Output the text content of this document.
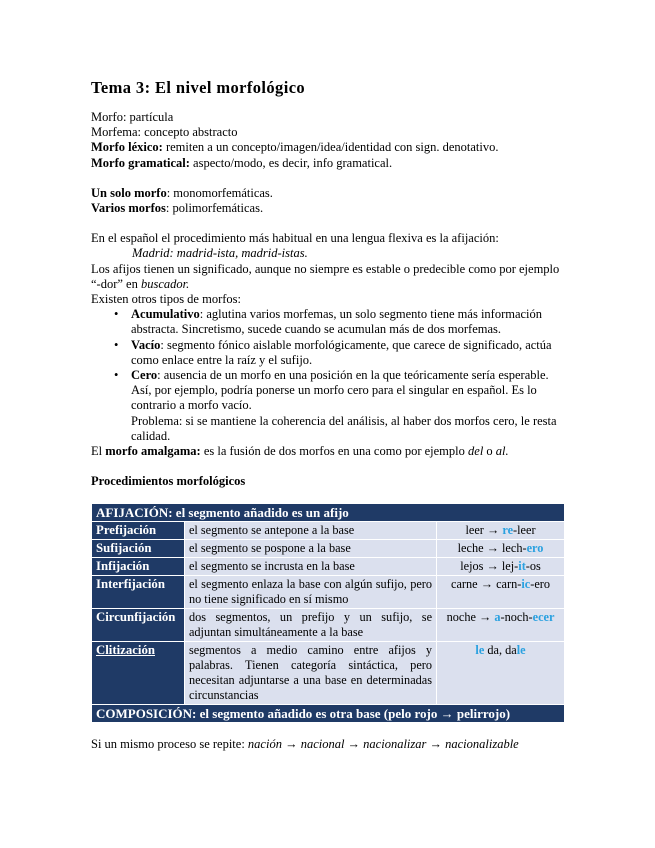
Tema 3: El nivel morfológico

Morfo: partícula

Morfema: concepto abstracto

Morfo léxico: remiten a un concepto/imagen/idea/identidad con sign. denotativo.

Morfo gramatical: aspecto/modo, es decir, info gramatical.

Un solo morfo: monomorfemáticas.

Varios morfos: polimorfemáticas.

En el español el procedimiento más habitual en una lengua flexiva es la afijación:

Madrid: madrid-ista, madrid-istas.

Los afijos tienen un significado, aunque no siempre es estable o predecible como por ejemplo “-dor” en buscador.

Existen otros tipos de morfos:

• Acumulativo: aglutina varios morfemas, un solo segmento tiene más información abstracta. Sincretismo, sucede cuando se acumulan más de dos morfemas.
• Vacío: segmento fónico aislable morfológicamente, que carece de significado, actúa como enlace entre la raíz y el sufijo.
• Cero: ausencia de un morfo en una posición en la que teóricamente sería esperable.
Así, por ejemplo, podría ponerse un morfo cero para el singular en español. Es lo contrario a morfo vacío.
Problema: si se mantiene la coherencia del análisis, al haber dos morfos cero, le resta calidad.

El morfo amalgama: es la fusión de dos morfos en una como por ejemplo del o al.

Procedimientos morfológicos
AFIJACIÓN: el segmento añadido es un afijo		
Prefijación	el segmento se antepone a la base	leer → re-leer
Sufijación	el segmento se pospone a la base	leche → lech-ero
Infijación	el segmento se incrusta en la base	lejos → lej-it-os
Interfijación	el segmento enlaza la base con algún sufijo, pero no tiene significado en sí mismo	carne → carn-ic-ero
Circunfijación	dos segmentos, un prefijo y un sufijo, se adjuntan simultáneamente a la base	noche → a-noch-ecer
Clitización	segmentos a medio camino entre afijos y palabras. Tienen categoría sintáctica, pero necesitan adjuntarse a una base en determinadas circunstancias	le da, dale
COMPOSICIÓN: el segmento añadido es otra base (pelo rojo → pelirrojo)		

Si un mismo proceso se repite: nación → nacional → nacionalizar → nacionalizable
